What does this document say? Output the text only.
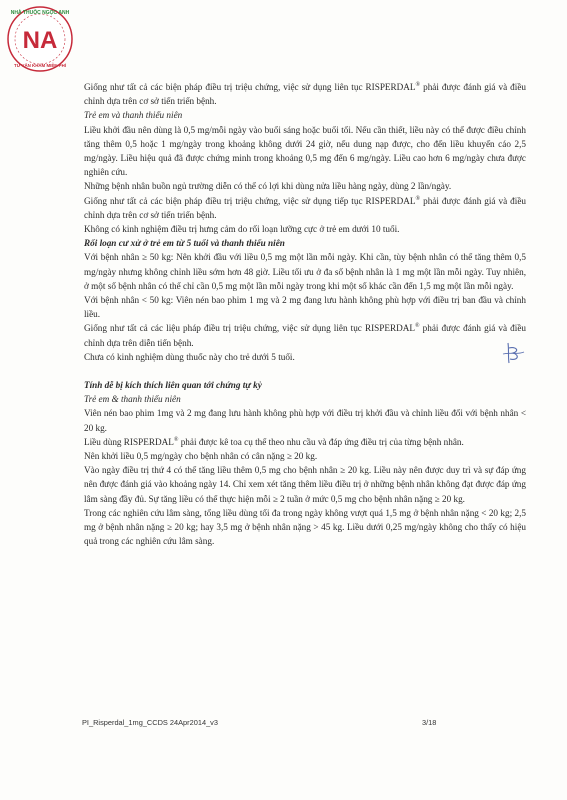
NHÀ THUỐC NGỌC ANH
NA
TƯ VẤN KHÁM MIỄN PHÍ

Giống như tất cả các biện pháp điều trị triệu chứng, việc sử dụng liên tục RISPERDAL® phải được đánh giá và điều chỉnh dựa trên cơ sở tiến triển bệnh.

Trẻ em và thanh thiếu niên

Liều khởi đầu nên dùng là 0,5 mg/mỗi ngày vào buổi sáng hoặc buổi tối. Nếu cần thiết, liều này có thể được điều chỉnh tăng thêm 0,5 hoặc 1 mg/ngày trong khoảng không dưới 24 giờ, nếu dung nạp được, cho đến liều khuyến cáo 2,5 mg/ngày. Liều hiệu quả đã được chứng minh trong khoảng 0,5 mg đến 6 mg/ngày. Liều cao hơn 6 mg/ngày chưa được nghiên cứu.

Những bệnh nhân buồn ngủ trường diễn có thể có lợi khi dùng nửa liều hàng ngày, dùng 2 lần/ngày.

Giống như tất cả các biện pháp điều trị triệu chứng, việc sử dụng tiếp tục RISPERDAL® phải được đánh giá và điều chỉnh dựa trên cơ sở tiến triển bệnh.

Không có kinh nghiệm điều trị hưng cảm do rối loạn lưỡng cực ở trẻ em dưới 10 tuổi.

Rối loạn cư xử ở trẻ em từ 5 tuổi và thanh thiếu niên

Với bệnh nhân ≥ 50 kg: Nên khởi đầu với liều 0,5 mg một lần mỗi ngày. Khi cần, tùy bệnh nhân có thể tăng thêm 0,5 mg/ngày nhưng không chỉnh liều sớm hơn 48 giờ. Liều tối ưu ở đa số bệnh nhân là 1 mg một lần mỗi ngày. Tuy nhiên, ở một số bệnh nhân có thể chỉ cần 0,5 mg một lần mỗi ngày trong khi một số khác cần đến 1,5 mg một lần mỗi ngày.

Với bệnh nhân < 50 kg: Viên nén bao phim 1 mg và 2 mg đang lưu hành không phù hợp với điều trị ban đầu và chỉnh liều.

Giống như tất cả các liệu pháp điều trị triệu chứng, việc sử dụng liên tục RISPERDAL® phải được đánh giá và điều chỉnh dựa trên diễn tiến bệnh.

Chưa có kinh nghiệm dùng thuốc này cho trẻ dưới 5 tuổi.

Tính dễ bị kích thích liên quan tới chứng tự kỷ

Trẻ em & thanh thiếu niên

Viên nén bao phim 1mg và 2 mg đang lưu hành không phù hợp với điều trị khởi đầu và chỉnh liều đối với bệnh nhân < 20 kg.

Liều dùng RISPERDAL® phải được kê toa cụ thể theo nhu cầu và đáp ứng điều trị của từng bệnh nhân.

Nên khởi liều 0,5 mg/ngày cho bệnh nhân có cân nặng ≥ 20 kg.

Vào ngày điều trị thứ 4 có thể tăng liều thêm 0,5 mg cho bệnh nhân ≥ 20 kg. Liều này nên được duy trì và sự đáp ứng nên được đánh giá vào khoảng ngày 14. Chỉ xem xét tăng thêm liều điều trị ở những bệnh nhân không đạt được đáp ứng lâm sàng đầy đủ. Sự tăng liều có thể thực hiện mỗi ≥ 2 tuần ở mức 0,5 mg cho bệnh nhân nặng ≥ 20 kg.

Trong các nghiên cứu lâm sàng, tổng liều dùng tối đa trong ngày không vượt quá 1,5 mg ở bệnh nhân nặng < 20 kg; 2,5 mg ở bệnh nhân nặng ≥ 20 kg; hay 3,5 mg ở bệnh nhân nặng > 45 kg. Liều dưới 0,25 mg/ngày không cho thấy có hiệu quả trong các nghiên cứu lâm sàng.

PI_Risperdal_1mg_CCDS 24Apr2014_v3	3/18
